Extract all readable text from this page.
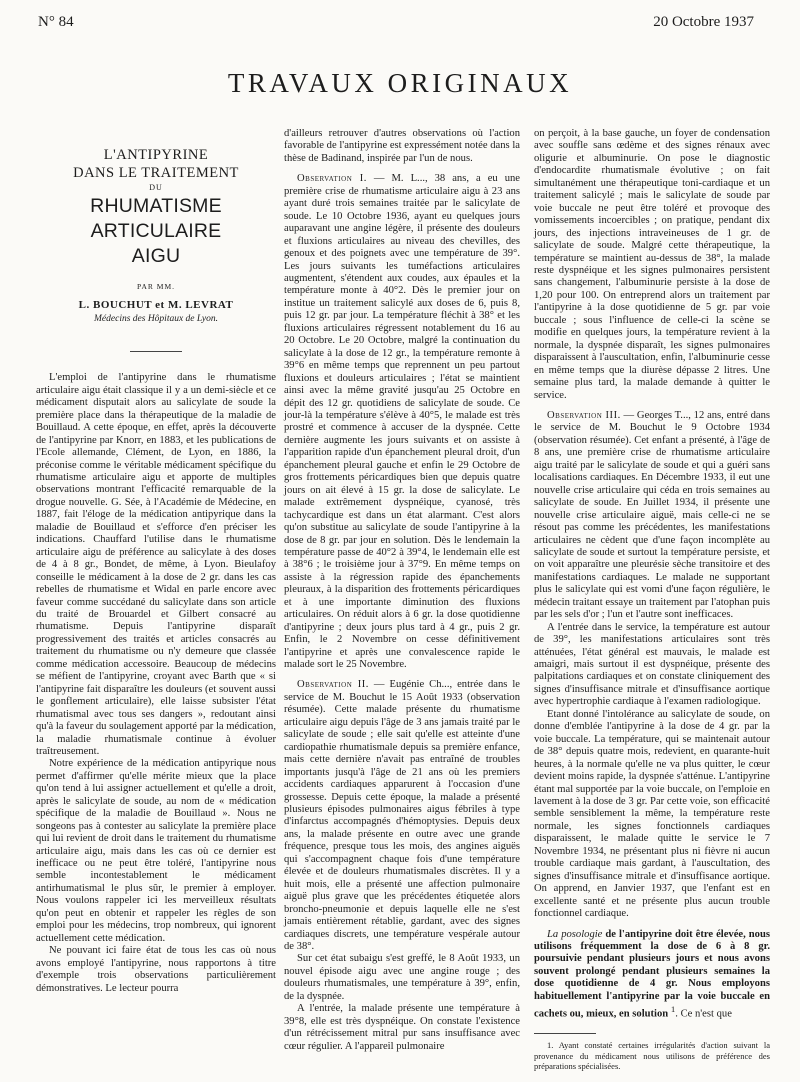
N° 84	20 Octobre 1937
TRAVAUX ORIGINAUX
L'ANTIPYRINE
DANS LE TRAITEMENT
DU
RHUMATISME ARTICULAIRE
AIGU
PAR MM.
L. BOUCHUT et M. LEVRAT
Médecins des Hôpitaux de Lyon.

L'emploi de l'antipyrine dans le rhumatisme articulaire aigu était classique il y a un demi-siècle et ce médicament disputait alors au salicylate de soude la première place dans la thérapeutique de la maladie de Bouillaud. A cette époque, en effet, après la découverte de l'antipyrine par Knorr, en 1883, et les publications de l'Ecole allemande, Clément, de Lyon, en 1886, la préconise comme le véritable médicament spécifique du rhumatisme articulaire aigu et apporte de multiples observations montrant l'efficacité remarquable de la drogue nouvelle. G. Sée, à l'Académie de Médecine, en 1887, fait l'éloge de la médication antipyrique dans la maladie de Bouillaud et s'efforce d'en préciser les indications. Chauffard l'utilise dans le rhumatisme articulaire aigu de préférence au salicylate à des doses de 4 à 8 gr., Bondet, de même, à Lyon. Bieulafoy conseille le médicament à la dose de 2 gr. dans les cas rebelles de rhumatisme et Widal en parle encore avec faveur comme succédané du salicylate dans son article du traité de Brouardel et Gilbert consacré au rhumatisme. Depuis l'antipyrine disparaît progressivement des traités et articles consacrés au traitement du rhumatisme ou n'y demeure que classée comme médication accessoire. Beaucoup de médecins se méfient de l'antipyrine, croyant avec Barth que « si l'antipyrine fait disparaître les douleurs (et souvent aussi le gonflement articulaire), elle laisse subsister l'état rhumatismal avec tous ses dangers », redoutant ainsi qu'à la faveur du soulagement apporté par la médication, la maladie rhumatismale continue à évoluer traîtreusement.

Notre expérience de la médication antipyrique nous permet d'affirmer qu'elle mérite mieux que la place qu'on tend à lui assigner actuellement et qu'elle a droit, après le salicylate de soude, au nom de « médication spécifique de la maladie de Bouillaud ». Nous ne songeons pas à contester au salicylate la première place qui lui revient de droit dans le traitement du rhumatisme articulaire aigu, mais dans les cas où ce dernier est inefficace ou ne peut être toléré, l'antipyrine nous semble incontestablement le médicament antirhumatismal le plus sûr, le premier à employer. Nous voulons rappeler ici les merveilleux résultats qu'on peut en obtenir et rappeler les règles de son emploi pour les médecins, trop nombreux, qui ignorent actuellement cette médication.

Ne pouvant ici faire état de tous les cas où nous avons employé l'antipyrine, nous rapportons à titre d'exemple trois observations particulièrement démonstratives. Le lecteur pourra

d'ailleurs retrouver d'autres observations où l'action favorable de l'antipyrine est expressément notée dans la thèse de Badinand, inspirée par l'un de nous.

Observation I. — M. L..., 38 ans, a eu une première crise de rhumatisme articulaire aigu à 23 ans ayant duré trois semaines traitée par le salicylate de soude. Le 10 Octobre 1936, ayant eu quelques jours auparavant une angine légère, il présente des douleurs et fluxions articulaires au niveau des chevilles, des genoux et des poignets avec une température de 39°. Les jours suivants les tuméfactions articulaires augmentent, s'étendent aux coudes, aux épaules et la température monte à 40°2. Dès le premier jour on institue un traitement salicylé aux doses de 6, puis 8, puis 12 gr. par jour. La température fléchit à 38° et les fluxions articulaires régressent notablement du 16 au 20 Octobre. Le 20 Octobre, malgré la continuation du salicylate à la dose de 12 gr., la température remonte à 39°6 en même temps que reprennent un peu partout fluxions et douleurs articulaires ; l'état se maintient ainsi avec la même gravité jusqu'au 25 Octobre en dépit des 12 gr. quotidiens de salicylate de soude. Ce jour-là la température s'élève à 40°5, le malade est très prostré et commence à accuser de la dyspnée. Cette dernière augmente les jours suivants et on assiste à l'apparition rapide d'un épanchement pleural droit, d'un épanchement pleural gauche et enfin le 29 Octobre de gros frottements péricardiques bien que depuis quatre jours on ait élevé à 15 gr. la dose de salicylate. Le malade extrêmement dyspnéique, cyanosé, très tachycardique est dans un état alarmant. C'est alors qu'on substitue au salicylate de soude l'antipyrine à la dose de 8 gr. par jour en solution. Dès le lendemain la température passe de 40°2 à 39°4, le lendemain elle est à 38°6 ; le troisième jour à 37°9. En même temps on assiste à la régression rapide des épanchements pleuraux, à la disparition des frottements péricardiques et à une importante diminution des fluxions articulaires. On réduit alors à 6 gr. la dose quotidienne d'antipyrine ; deux jours plus tard à 4 gr., puis 2 gr. Enfin, le 2 Novembre on cesse définitivement l'antipyrine et après une convalescence rapide le malade sort le 25 Novembre.

Observation II. — Eugénie Ch..., entrée dans le service de M. Bouchut le 15 Août 1933 (observation résumée). Cette malade présente du rhumatisme articulaire aigu depuis l'âge de 3 ans jamais traité par le salicylate de soude ; elle sait qu'elle est atteinte d'une cardiopathie rhumatismale depuis sa première enfance, mais cette dernière n'avait pas entraîné de troubles importants jusqu'à l'âge de 21 ans où les premiers accidents cardiaques apparurent à l'occasion d'une grossesse. Depuis cette époque, la malade a présenté plusieurs épisodes pulmonaires aigus fébriles à type d'infarctus accompagnés d'hémoptysies. Depuis deux ans, la malade présente en outre avec une grande fréquence, presque tous les mois, des angines aiguës qui s'accompagnent chaque fois d'une température élevée et de douleurs rhumatismales discrètes. Il y a huit mois, elle a présenté une affection pulmonaire aiguë plus grave que les précédentes étiquetée alors broncho-pneumonie et depuis laquelle elle ne s'est jamais entièrement rétablie, gardant, avec des signes cardiaques discrets, une température vespérale autour de 38°.

Sur cet état subaigu s'est greffé, le 8 Août 1933, un nouvel épisode aigu avec une angine rouge ; des douleurs rhumatismales, une température à 39°, enfin, de la dyspnée.

A l'entrée, la malade présente une température à 39°8, elle est très dyspnéique. On constate l'existence d'un rétrécissement mitral pur sans insuffisance avec cœur régulier. A l'appareil pulmonaire

on perçoit, à la base gauche, un foyer de condensation avec souffle sans œdème et des signes rénaux avec oligurie et albuminurie. On pose le diagnostic d'endocardite rhumatismale évolutive ; on fait simultanément une thérapeutique toni-cardiaque et un traitement salicylé ; mais le salicylate de soude par voie buccale ne peut être toléré et provoque des vomissements incoercibles ; on pratique, pendant dix jours, des injections intraveineuses de 1 gr. de salicylate de soude. Malgré cette thérapeutique, la température se maintient au-dessus de 38°, la malade reste dyspnéique et les signes pulmonaires persistent sans changement, l'albuminurie persiste à la dose de 1,20 pour 100. On entreprend alors un traitement par l'antipyrine à la dose quotidienne de 5 gr. par voie buccale ; sous l'influence de celle-ci la scène se modifie en quelques jours, la température revient à la normale, la dyspnée disparaît, les signes pulmonaires disparaissent à l'auscultation, enfin, l'albuminurie cesse en même temps que la diurèse dépasse 2 litres. Une semaine plus tard, la malade demande à quitter le service.

Observation III. — Georges T..., 12 ans, entré dans le service de M. Bouchut le 9 Octobre 1934 (observation résumée). Cet enfant a présenté, à l'âge de 8 ans, une première crise de rhumatisme articulaire aigu traité par le salicylate de soude et qui a guéri sans localisations cardiaques. En Décembre 1933, il eut une nouvelle crise articulaire qui céda en trois semaines au salicylate de soude. En Juillet 1934, il présente une nouvelle crise articulaire aiguë, mais celle-ci ne se résout pas comme les précédentes, les manifestations articulaires ne cèdent que d'une façon incomplète au salicylate de soude et surtout la température persiste, et on voit apparaître une pleurésie sèche transitoire et des manifestations cardiaques. Le malade ne supportant plus le salicylate qui est vomi d'une façon régulière, le médecin traitant essaye un traitement par l'atophan puis par les sels d'or ; l'un et l'autre sont inefficaces.

A l'entrée dans le service, la température est autour de 39°, les manifestations articulaires sont très atténuées, l'état général est mauvais, le malade est amaigri, mais surtout il est dyspnéique, présente des palpitations cardiaques et on constate cliniquement des signes d'insuffisance mitrale et d'insuffisance aortique avec hypertrophie cardiaque à l'examen radiologique.

Etant donné l'intolérance au salicylate de soude, on donne d'emblée l'antipyrine à la dose de 4 gr. par la voie buccale. La température, qui se maintenait autour de 38° depuis quatre mois, redevient, en quarante-huit heures, à la normale qu'elle ne va plus quitter, le cœur devient moins rapide, la dyspnée s'atténue. L'antipyrine étant mal supportée par la voie buccale, on l'emploie en lavement à la dose de 3 gr. Par cette voie, son efficacité semble sensiblement la même, la température reste normale, les signes fonctionnels cardiaques disparaissent, le malade quitte le service le 7 Novembre 1934, ne présentant plus ni fièvre ni aucun trouble cardiaque mais gardant, à l'auscultation, des signes d'insuffisance mitrale et d'insuffisance aortique. On apprend, en Janvier 1937, que l'enfant est en excellente santé et ne présente plus aucun trouble fonctionnel cardiaque.

La posologie de l'antipyrine doit être élevée, nous utilisons fréquemment la dose de 6 à 8 gr. poursuivie pendant plusieurs jours et nous avons souvent prolongé pendant plusieurs semaines la dose quotidienne de 4 gr. Nous employons habituellement l'antipyrine par la voie buccale en cachets ou, mieux, en solution $^1$. Ce n'est que

1. Ayant constaté certaines irrégularités d'action suivant la provenance du médicament nous utilisons de préférence des préparations spécialisées.
